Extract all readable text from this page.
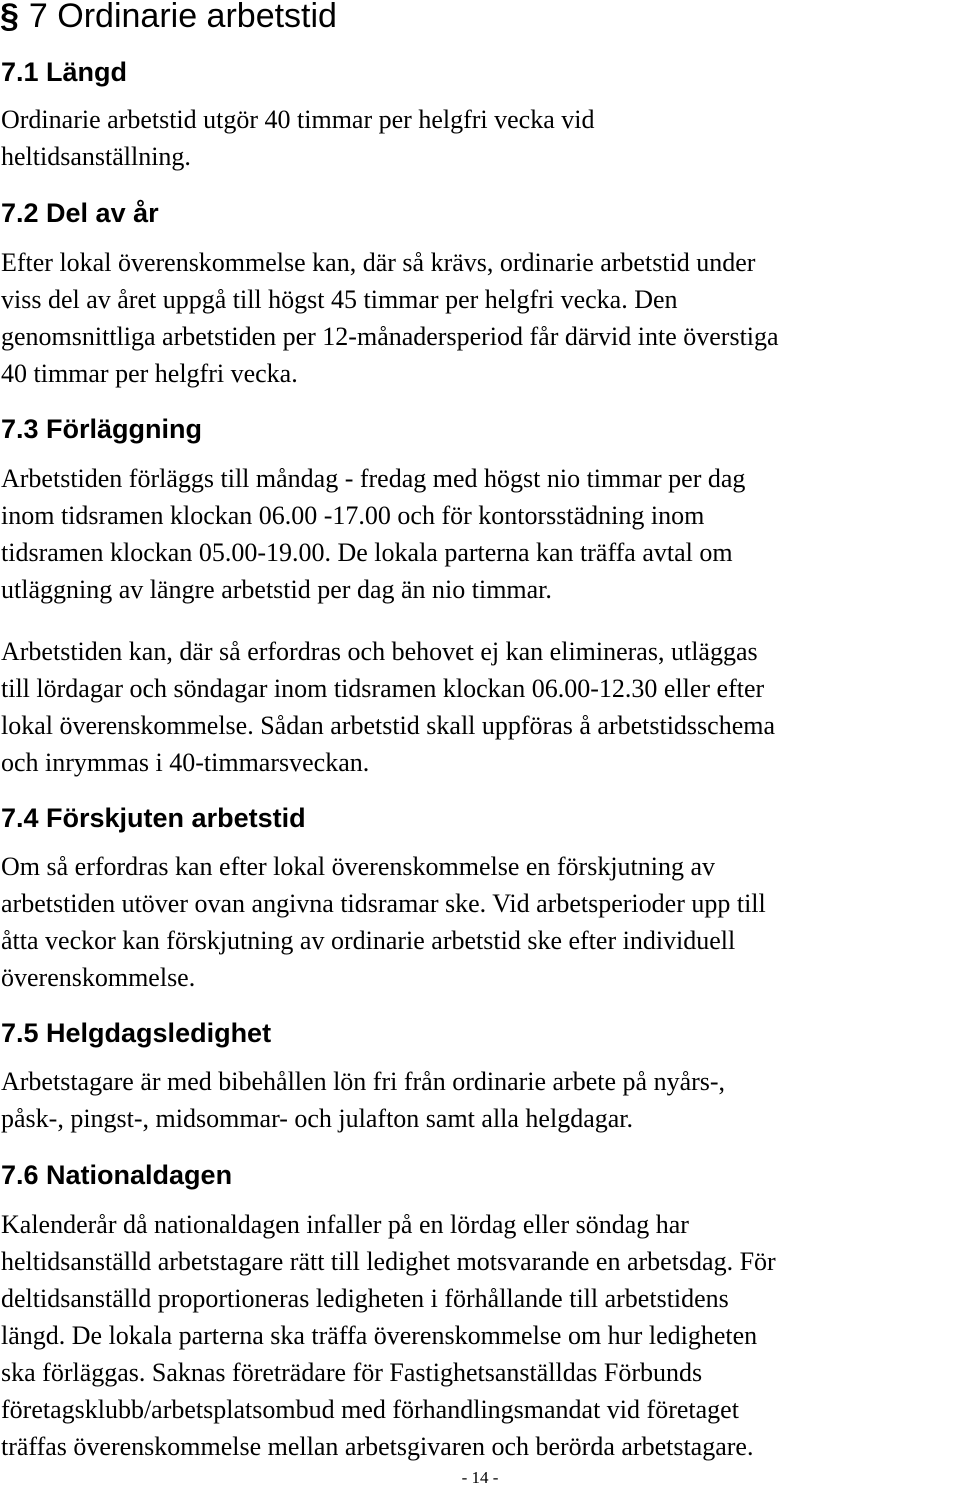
§ 7 Ordinarie arbetstid
7.1 Längd

Ordinarie arbetstid utgör 40 timmar per helgfri vecka vid
heltidsanställning.

7.2 Del av år

Efter lokal överenskommelse kan, där så krävs, ordinarie arbetstid under
viss del av året uppgå till högst 45 timmar per helgfri vecka. Den
genomsnittliga arbetstiden per 12-månadersperiod får därvid inte överstiga
40 timmar per helgfri vecka.

7.3 Förläggning

Arbetstiden förläggs till måndag - fredag med högst nio timmar per dag
inom tidsramen klockan 06.00 -17.00 och för kontorsstädning inom
tidsramen klockan 05.00-19.00. De lokala parterna kan träffa avtal om
utläggning av längre arbetstid per dag än nio timmar.

Arbetstiden kan, där så erfordras och behovet ej kan elimineras, utläggas
till lördagar och söndagar inom tidsramen klockan 06.00-12.30 eller efter
lokal överenskommelse. Sådan arbetstid skall uppföras å arbetstidsschema
och inrymmas i 40-timmarsveckan.

7.4 Förskjuten arbetstid

Om så erfordras kan efter lokal överenskommelse en förskjutning av
arbetstiden utöver ovan angivna tidsramar ske. Vid arbetsperioder upp till
åtta veckor kan förskjutning av ordinarie arbetstid ske efter individuell
överenskommelse.

7.5 Helgdagsledighet

Arbetstagare är med bibehållen lön fri från ordinarie arbete på nyårs-,
påsk-, pingst-, midsommar- och julafton samt alla helgdagar.

7.6 Nationaldagen

Kalenderår då nationaldagen infaller på en lördag eller söndag har
heltidsanställd arbetstagare rätt till ledighet motsvarande en arbetsdag. För
deltidsanställd proportioneras ledigheten i förhållande till arbetstidens
längd. De lokala parterna ska träffa överenskommelse om hur ledigheten
ska förläggas. Saknas företrädare för Fastighetsanställdas Förbunds
företagsklubb/arbetsplatsombud med förhandlingsmandat vid företaget
träffas överenskommelse mellan arbetsgivaren och berörda arbetstagare.

- 14 -
